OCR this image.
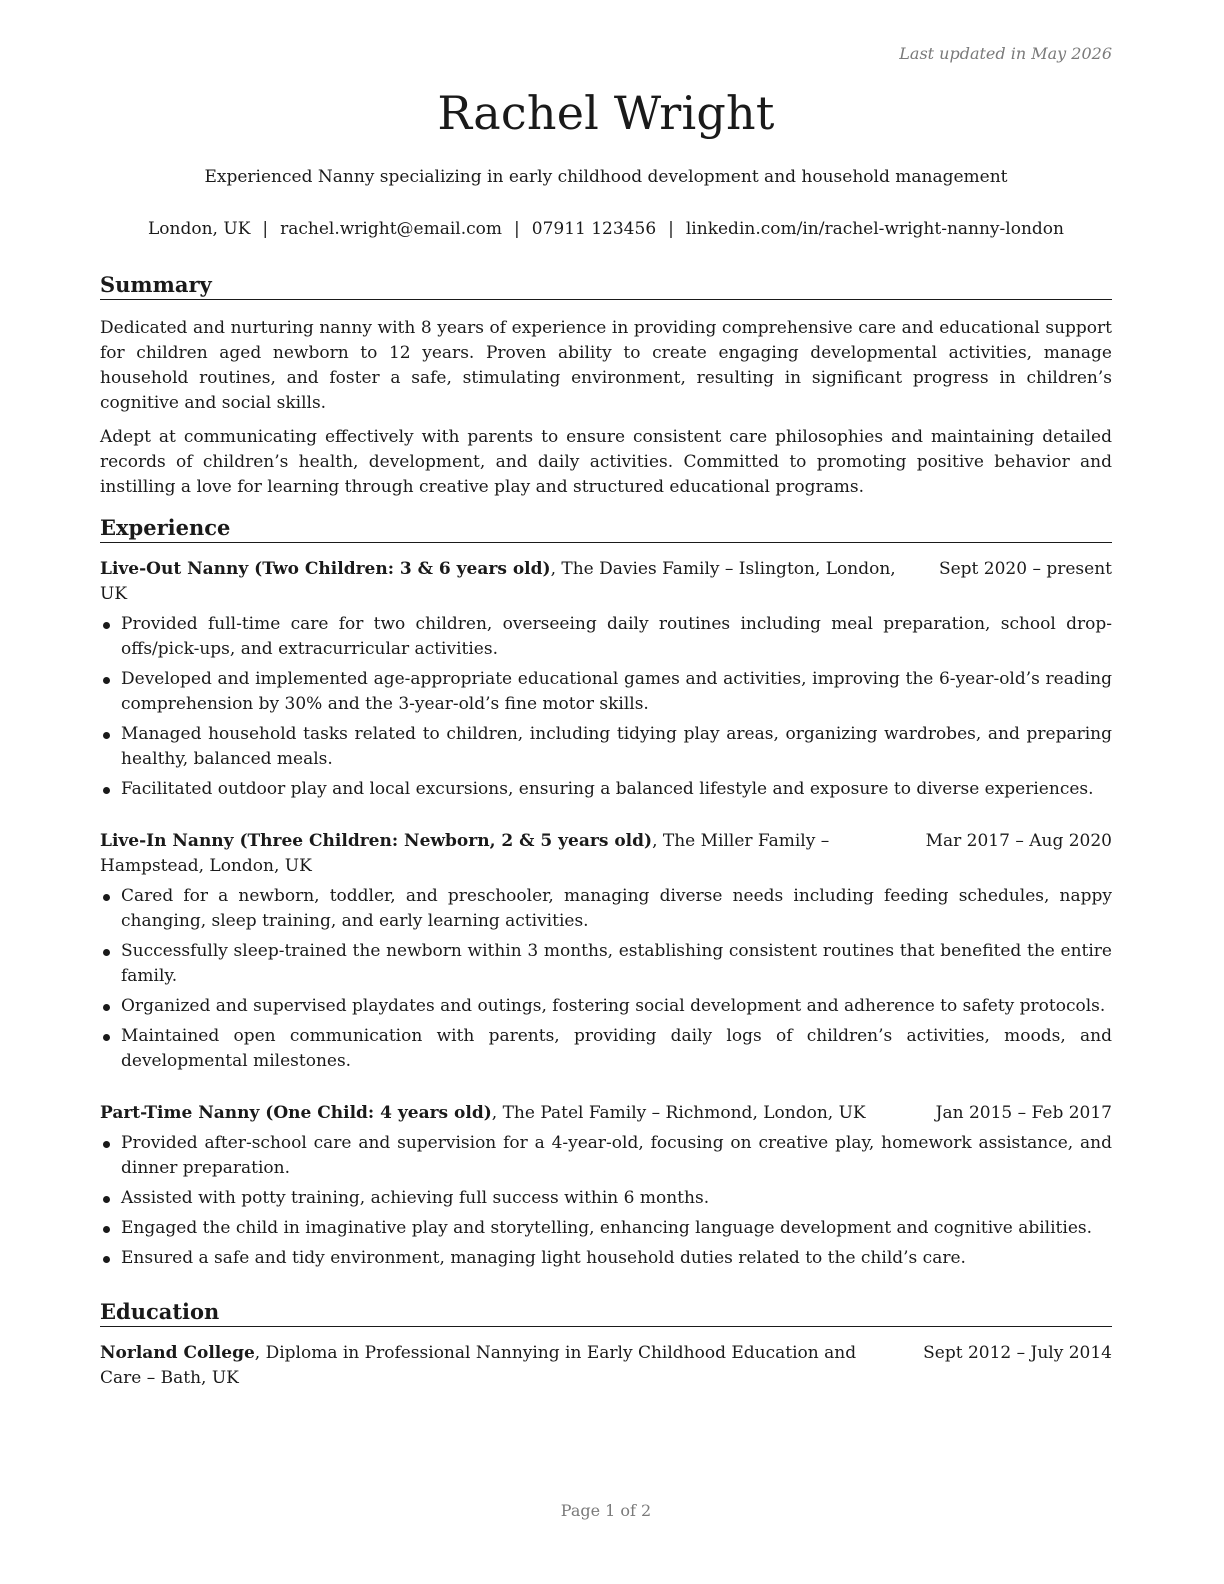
Last updated in May 2026
Rachel Wright
Experienced Nanny specializing in early childhood development and household management
London, UK | rachel.wright@email.com | 07911 123456 | linkedin.com/in/rachel-wright-nanny-london
Summary

Dedicated and nurturing nanny with 8 years of experience in providing comprehensive care and educational support for children aged newborn to 12 years. Proven ability to create engaging developmental activities, manage household routines, and foster a safe, stimulating environment, resulting in significant progress in children’s cognitive and social skills.

Adept at communicating effectively with parents to ensure consistent care philosophies and maintaining detailed records of children’s health, development, and daily activities. Committed to promoting positive behavior and instilling a love for learning through creative play and structured educational programs.

Experience
Live-Out Nanny (Two Children: 3 & 6 years old), The Davies Family – Islington, London, UK
Sept 2020 – present
Provided full-time care for two children, overseeing daily routines including meal preparation, school drop-offs/pick-ups, and extracurricular activities.
Developed and implemented age-appropriate educational games and activities, improving the 6-year-old’s reading comprehension by 30% and the 3-year-old’s fine motor skills.
Managed household tasks related to children, including tidying play areas, organizing wardrobes, and preparing healthy, balanced meals.
Facilitated outdoor play and local excursions, ensuring a balanced lifestyle and exposure to diverse experiences.
Live-In Nanny (Three Children: Newborn, 2 & 5 years old), The Miller Family – Hampstead, London, UK
Mar 2017 – Aug 2020
Cared for a newborn, toddler, and preschooler, managing diverse needs including feeding schedules, nappy changing, sleep training, and early learning activities.
Successfully sleep-trained the newborn within 3 months, establishing consistent routines that benefited the entire family.
Organized and supervised playdates and outings, fostering social development and adherence to safety protocols.
Maintained open communication with parents, providing daily logs of children’s activities, moods, and developmental milestones.
Part-Time Nanny (One Child: 4 years old), The Patel Family – Richmond, London, UK	Jan 2015 – Feb 2017
Provided after-school care and supervision for a 4-year-old, focusing on creative play, homework assistance, and dinner preparation.
Assisted with potty training, achieving full success within 6 months.
Engaged the child in imaginative play and storytelling, enhancing language development and cognitive abilities.
Ensured a safe and tidy environment, managing light household duties related to the child’s care.
Education
Norland College, Diploma in Professional Nannying in Early Childhood Education and Care – Bath, UK
Sept 2012 – July 2014
Page 1 of 2
